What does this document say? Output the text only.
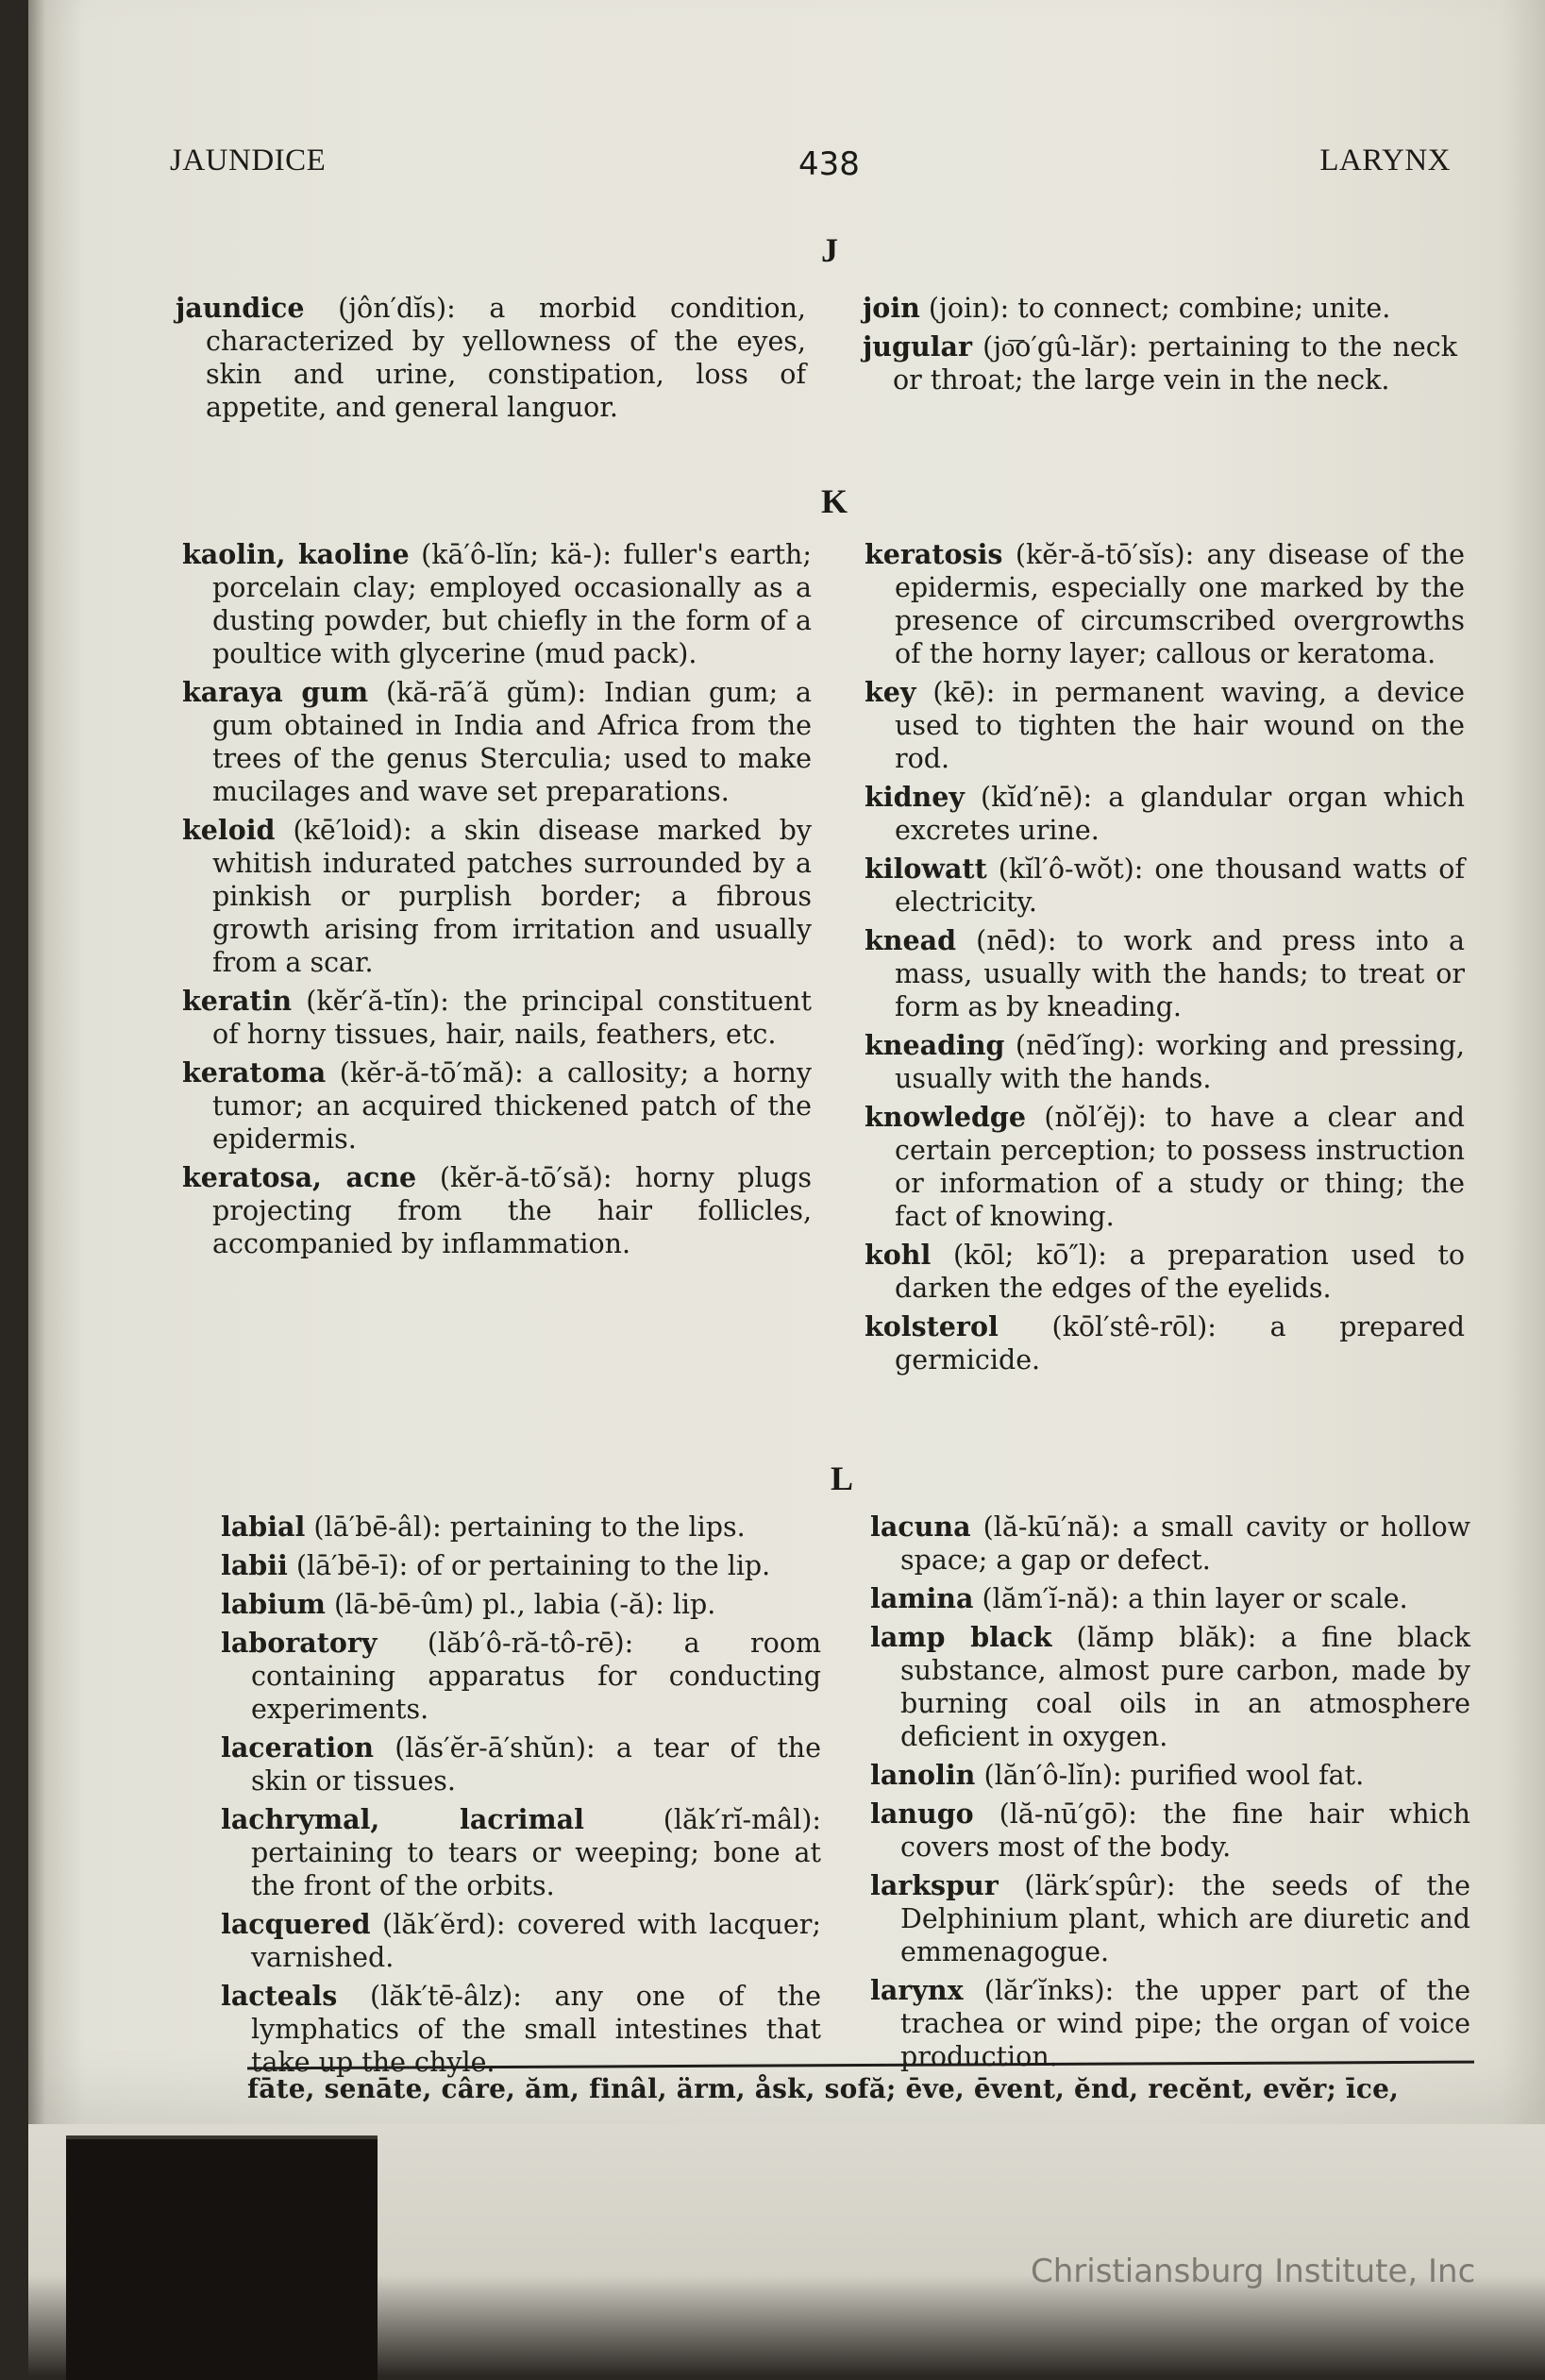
JAUNDICE	438	LARYNX
J

jaundice (jôn′dĭs): a morbid condition, characterized by yellowness of the eyes, skin and urine, constipation, loss of appetite, and general languor.

join (join): to connect; combine; unite.

jugular (jo͞o′gû-lăr): pertaining to the neck or throat; the large vein in the neck.

K

kaolin, kaoline (kā′ô-lĭn; kä-): fuller's earth; porcelain clay; employed occasionally as a dusting powder, but chiefly in the form of a poultice with glycerine (mud pack).

karaya gum (kă-rā′ă gŭm): Indian gum; a gum obtained in India and Africa from the trees of the genus Sterculia; used to make mucilages and wave set preparations.

keloid (kē′loid): a skin disease marked by whitish indurated patches surrounded by a pinkish or purplish border; a fibrous growth arising from irritation and usually from a scar.

keratin (kĕr′ă-tĭn): the principal constituent of horny tissues, hair, nails, feathers, etc.

keratoma (kĕr-ă-tō′mă): a callosity; a horny tumor; an acquired thickened patch of the epidermis.

keratosa, acne (kĕr-ă-tō′să): horny plugs projecting from the hair follicles, accompanied by inflammation.

keratosis (kĕr-ă-tō′sĭs): any disease of the epidermis, especially one marked by the presence of circumscribed overgrowths of the horny layer; callous or keratoma.

key (kē): in permanent waving, a device used to tighten the hair wound on the rod.

kidney (kĭd′nē): a glandular organ which excretes urine.

kilowatt (kĭl′ô-wŏt): one thousand watts of electricity.

knead (nēd): to work and press into a mass, usually with the hands; to treat or form as by kneading.

kneading (nēd′ĭng): working and pressing, usually with the hands.

knowledge (nŏl′ĕj): to have a clear and certain perception; to possess instruction or information of a study or thing; the fact of knowing.

kohl (kōl; kō″l): a preparation used to darken the edges of the eyelids.

kolsterol (kōl′stê-rōl): a prepared germicide.

L

labial (lā′bē-âl): pertaining to the lips.

labii (lā′bē-ī): of or pertaining to the lip.

labium (lā-bē-ûm) pl., labia (-ă): lip.

laboratory (lăb′ô-ră-tô-rē): a room containing apparatus for conducting experiments.

laceration (lăs′ĕr-ā′shŭn): a tear of the skin or tissues.

lachrymal, lacrimal (lăk′rĭ-mâl): pertaining to tears or weeping; bone at the front of the orbits.

lacquered (lăk′ĕrd): covered with lacquer; varnished.

lacteals (lăk′tē-âlz): any one of the lymphatics of the small intestines that take up the chyle.

lacuna (lă-kū′nă): a small cavity or hollow space; a gap or defect.

lamina (lăm′ĭ-nă): a thin layer or scale.

lamp black (lămp blăk): a fine black substance, almost pure carbon, made by burning coal oils in an atmosphere deficient in oxygen.

lanolin (lăn′ô-lĭn): purified wool fat.

lanugo (lă-nū′gō): the fine hair which covers most of the body.

larkspur (lärk′spûr): the seeds of the Delphinium plant, which are diuretic and emmenagogue.

larynx (lăr′ĭnks): the upper part of the trachea or wind pipe; the organ of voice production.

fāte, senāte, câre, ăm, finâl, ärm, åsk, sofă; ēve, ēvent, ĕnd, recĕnt, evĕr; īce,
Christiansburg Institute, Inc
